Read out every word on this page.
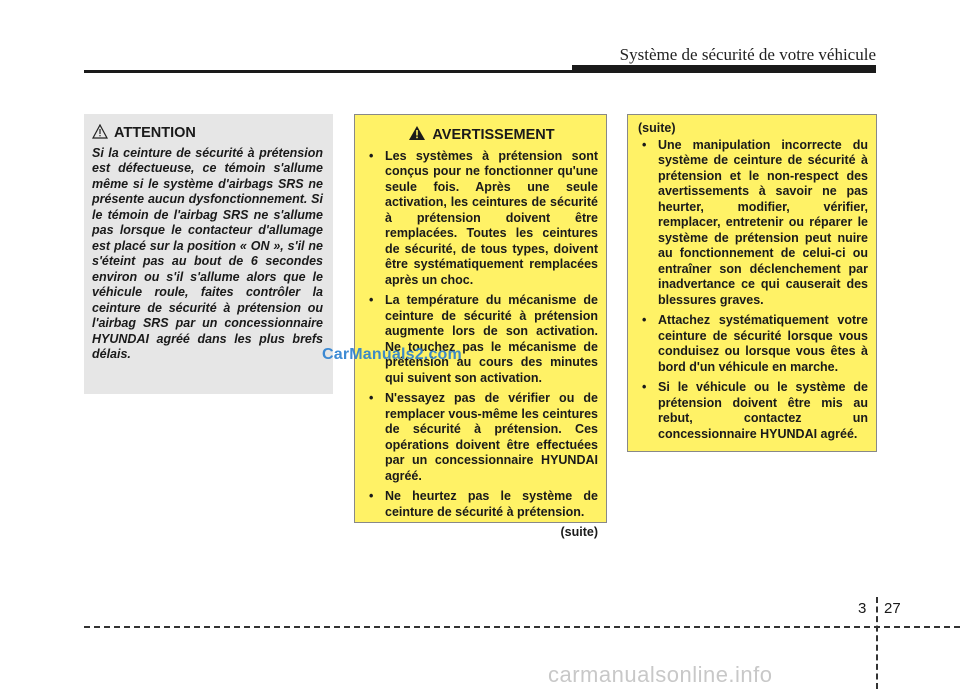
Système de sécurité de votre véhicule
ATTENTION
Si la ceinture de sécurité à prétension est défectueuse, ce témoin s'allume même si le système d'airbags SRS ne présente aucun dysfonctionnement. Si le témoin de l'airbag SRS ne s'allume pas lorsque le contacteur d'allumage est placé sur la position « ON », s'il ne s'éteint pas au bout de 6 secondes environ ou s'il s'allume alors que le véhicule roule, faites contrôler la ceinture de sécurité à prétension ou l'airbag SRS par un concessionnaire HYUNDAI agréé dans les plus brefs délais.
AVERTISSEMENT
• Les systèmes à prétension sont conçus pour ne fonctionner qu'une seule fois. Après une seule activation, les ceintures de sécurité à prétension doivent être remplacées. Toutes les ceintures de sécurité, de tous types, doivent être systématiquement remplacées après un choc.
• La température du mécanisme de ceinture de sécurité à prétension augmente lors de son activation. Ne touchez pas le mécanisme de prétension au cours des minutes qui suivent son activation.
• N'essayez pas de vérifier ou de remplacer vous-même les ceintures de sécurité à prétension. Ces opérations doivent être effectuées par un concessionnaire HYUNDAI agréé.
• Ne heurtez pas le système de ceinture de sécurité à prétension.
(suite)
(suite)
• Une manipulation incorrecte du système de ceinture de sécurité à prétension et le non-respect des avertissements à savoir ne pas heurter, modifier, vérifier, remplacer, entretenir ou réparer le système de prétension peut nuire au fonctionnement de celui-ci ou entraîner son déclenchement par inadvertance ce qui causerait des blessures graves.
• Attachez systématiquement votre ceinture de sécurité lorsque vous conduisez ou lorsque vous êtes à bord d'un véhicule en marche.
• Si le véhicule ou le système de prétension doivent être mis au rebut, contactez un concessionnaire HYUNDAI agréé.
CarManuals2.com
3 27
carmanualsonline.info
